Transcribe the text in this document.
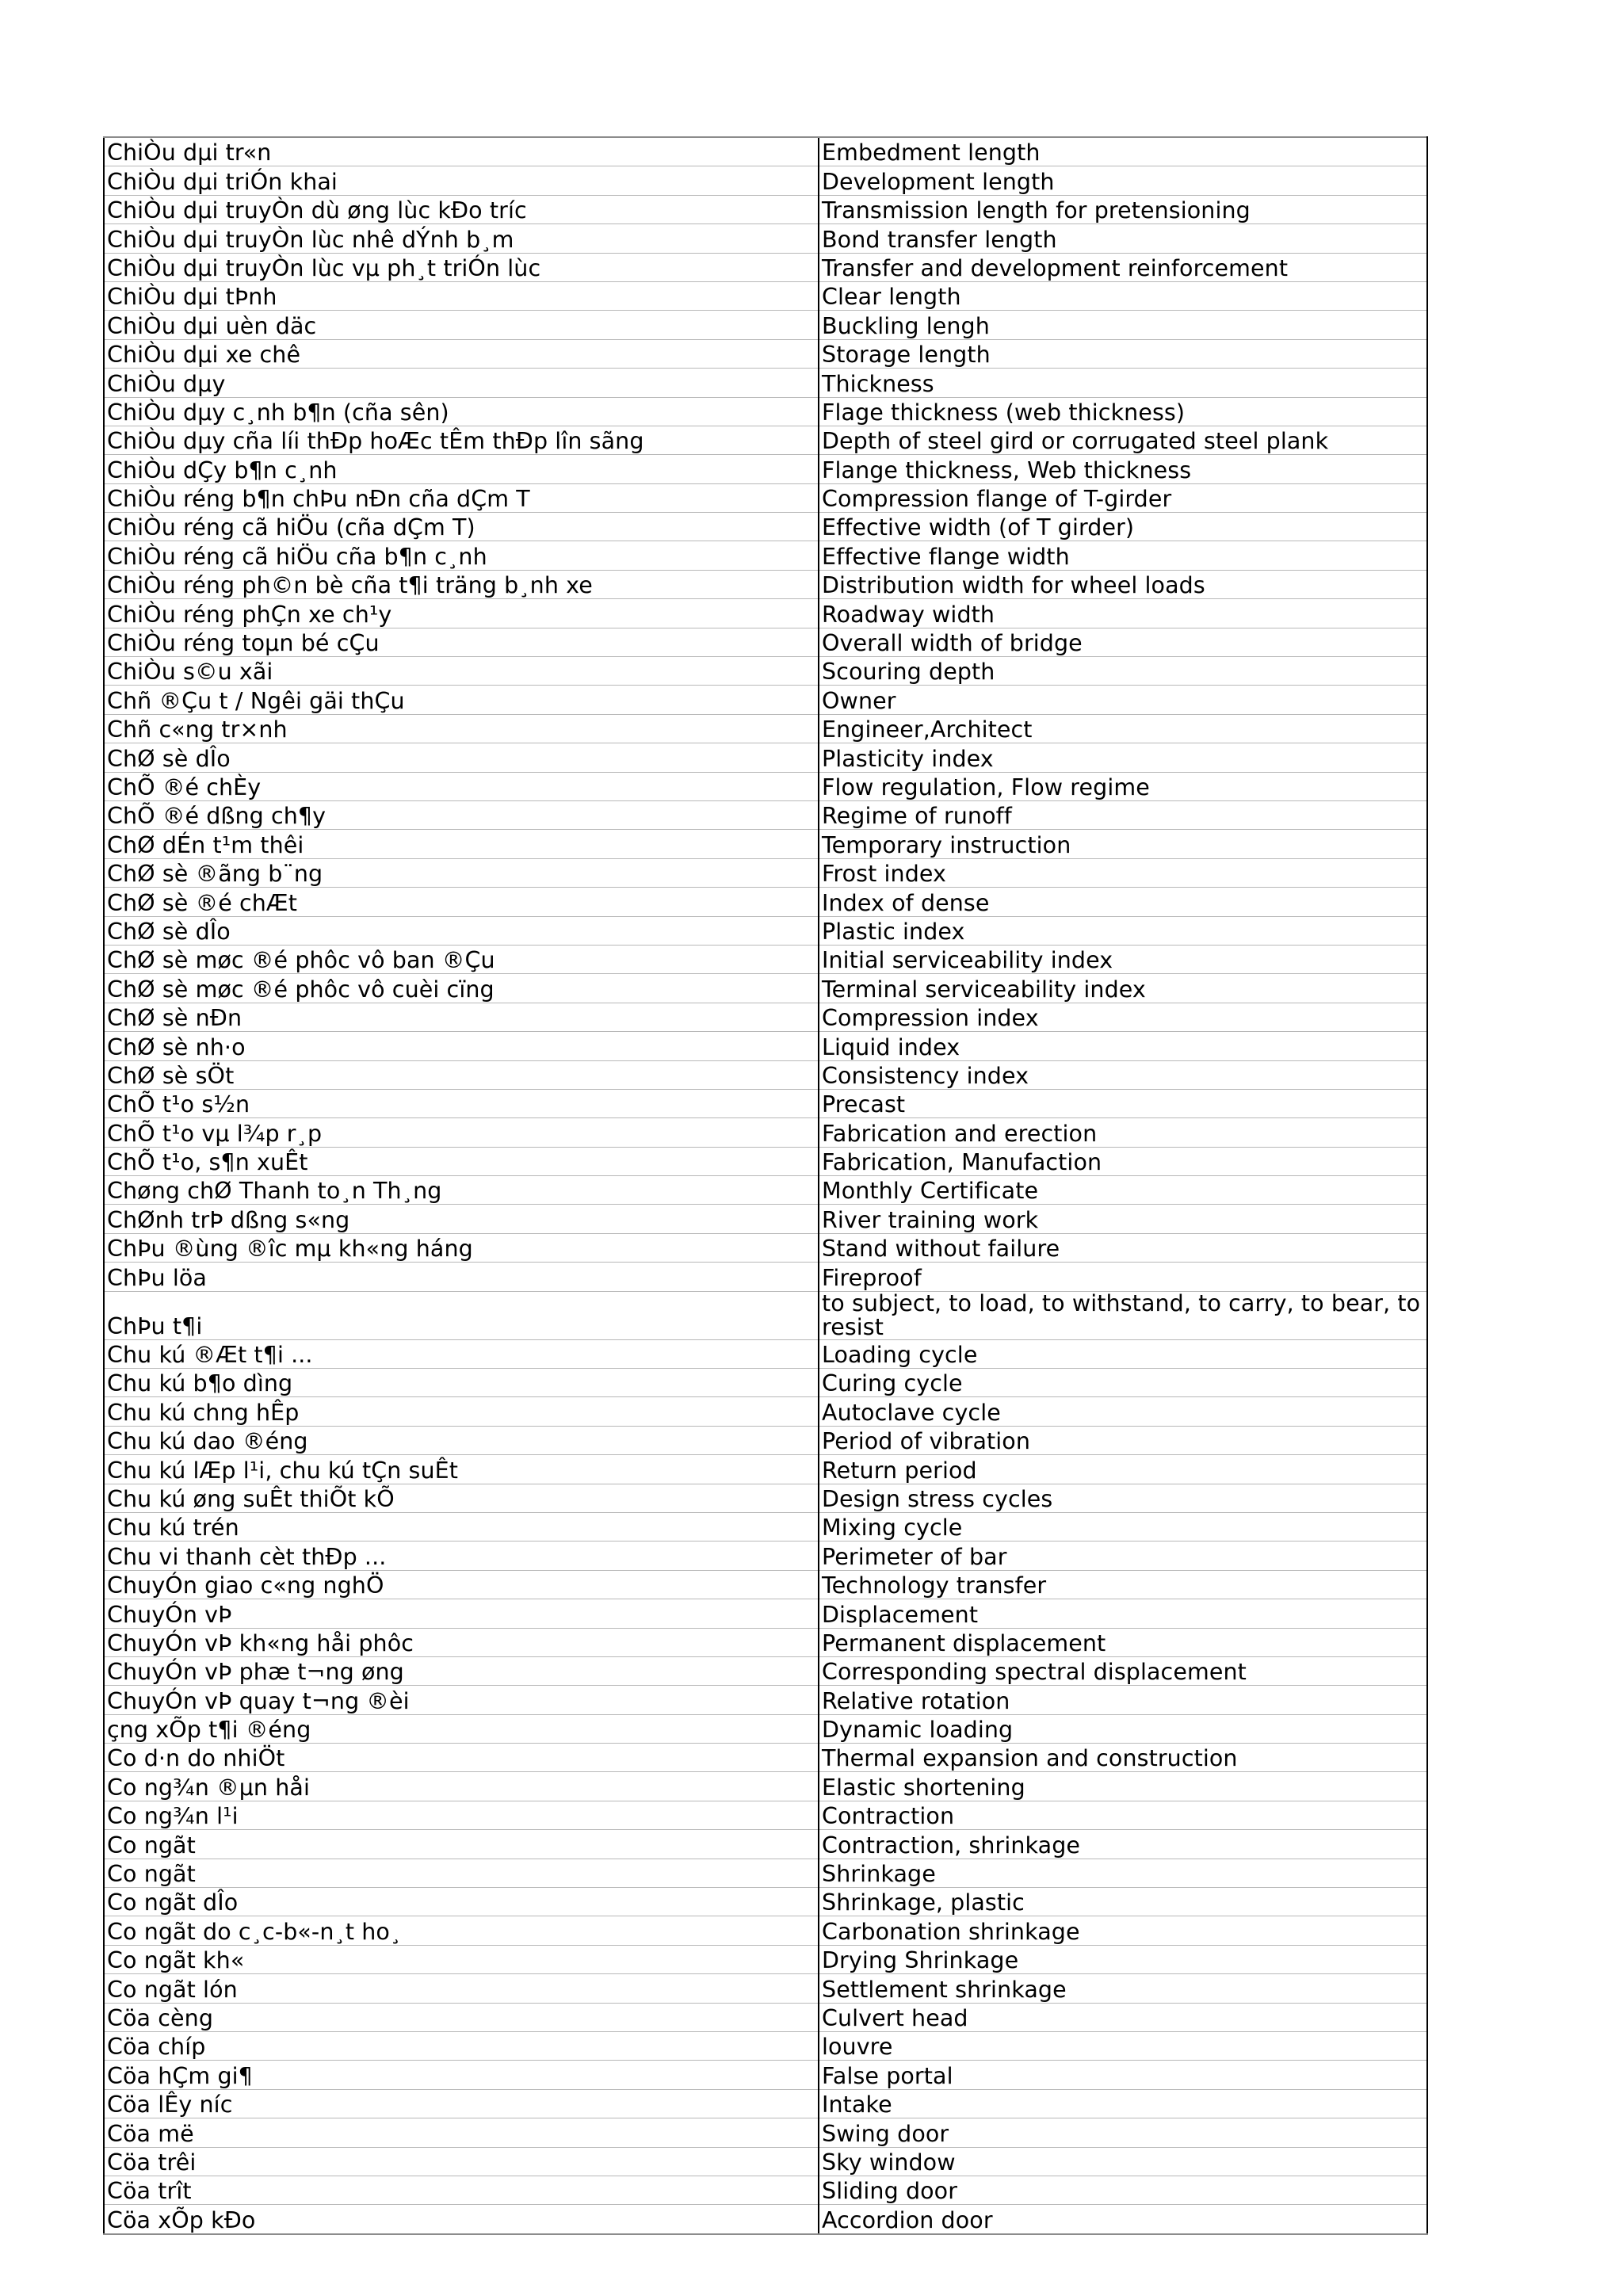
ChiÒu dµi tr«n	Embedment length
ChiÒu dµi triÓn khai	Development length
ChiÒu dµi truyÒn dù øng lùc kÐo tríc	Transmission length for pretensioning
ChiÒu dµi truyÒn lùc nhê dÝnh b¸m	Bond transfer length
ChiÒu dµi truyÒn lùc vµ ph¸t triÓn lùc	Transfer and development reinforcement
ChiÒu dµi tÞnh	Clear length
ChiÒu dµi uèn däc	Buckling lengh
ChiÒu dµi xe chê	Storage length
ChiÒu dµy	Thickness
ChiÒu dµy c¸nh b¶n (cña sên)	Flage thickness (web thickness)
ChiÒu dµy cña líi thÐp hoÆc tÊm thÐp lîn sãng	Depth of steel gird or corrugated steel plank
ChiÒu dÇy b¶n c¸nh	Flange thickness, Web thickness
ChiÒu réng b¶n chÞu nÐn cña dÇm T	Compression flange of T-girder
ChiÒu réng cã hiÖu (cña dÇm T)	Effective width (of T girder)
ChiÒu réng cã hiÖu cña b¶n c¸nh	Effective flange width
ChiÒu réng ph©n bè cña t¶i träng b¸nh xe	Distribution width for wheel loads
ChiÒu réng phÇn xe ch¹y	Roadway width
ChiÒu réng toµn bé cÇu	Overall width of bridge
ChiÒu s©u xãi	Scouring depth
Chñ ®Çu t / Ngêi gäi thÇu	Owner
Chñ c«ng tr×nh	Engineer,Architect
ChØ sè dÎo	Plasticity index
ChÕ ®é chÈy	Flow regulation, Flow regime
ChÕ ®é dßng ch¶y	Regime of runoff
ChØ dÉn t¹m thêi	Temporary instruction
ChØ sè ®ãng b¨ng	Frost index
ChØ sè ®é chÆt	Index of dense
ChØ sè dÎo	Plastic index
ChØ sè møc ®é phôc vô ban ®Çu	Initial serviceability index
ChØ sè møc ®é phôc vô cuèi cïng	Terminal serviceability index
ChØ sè nÐn	Compression index
ChØ sè nh·o	Liquid index
ChØ sè sÖt	Consistency index
ChÕ t¹o s½n	Precast
ChÕ t¹o vµ l¾p r¸p	Fabrication and erection
ChÕ t¹o, s¶n xuÊt	Fabrication, Manufaction
Chøng chØ Thanh to¸n Th¸ng	Monthly Certificate
ChØnh trÞ dßng s«ng	River training work
ChÞu ®ùng ®îc mµ kh«ng háng	Stand without failure
ChÞu löa	Fireproof
ChÞu t¶i	to subject, to load, to withstand, to carry, to bear, to resist
Chu kú ®Æt t¶i ...	Loading cycle
Chu kú b¶o dìng	Curing cycle
Chu kú chng hÊp	Autoclave cycle
Chu kú dao ®éng	Period of vibration
Chu kú lÆp l¹i, chu kú tÇn suÊt	Return period
Chu kú øng suÊt thiÕt kÕ	Design stress cycles
Chu kú trén	Mixing cycle
Chu vi thanh cèt thÐp ...	Perimeter of bar
ChuyÓn giao c«ng nghÖ	Technology transfer
ChuyÓn vÞ	Displacement
ChuyÓn vÞ kh«ng håi phôc	Permanent displacement
ChuyÓn vÞ phæ t¬ng øng	Corresponding spectral displacement
ChuyÓn vÞ quay t¬ng ®èi	Relative rotation
çng xÕp t¶i ®éng	Dynamic loading
Co d·n do nhiÖt	Thermal expansion and construction
Co ng¾n ®µn håi	Elastic shortening
Co ng¾n l¹i	Contraction
Co ngãt	Contraction, shrinkage
Co ngãt	Shrinkage
Co ngãt dÎo	Shrinkage, plastic
Co ngãt do c¸c-b«-n¸t ho¸	Carbonation shrinkage
Co ngãt kh«	Drying Shrinkage
Co ngãt lón	Settlement shrinkage
Cöa cèng	Culvert head
Cöa chíp	louvre
Cöa hÇm gi¶	False portal
Cöa lÊy níc	Intake
Cöa më	Swing door
Cöa trêi	Sky window
Cöa trît	Sliding door
Cöa xÕp kÐo	Accordion door
